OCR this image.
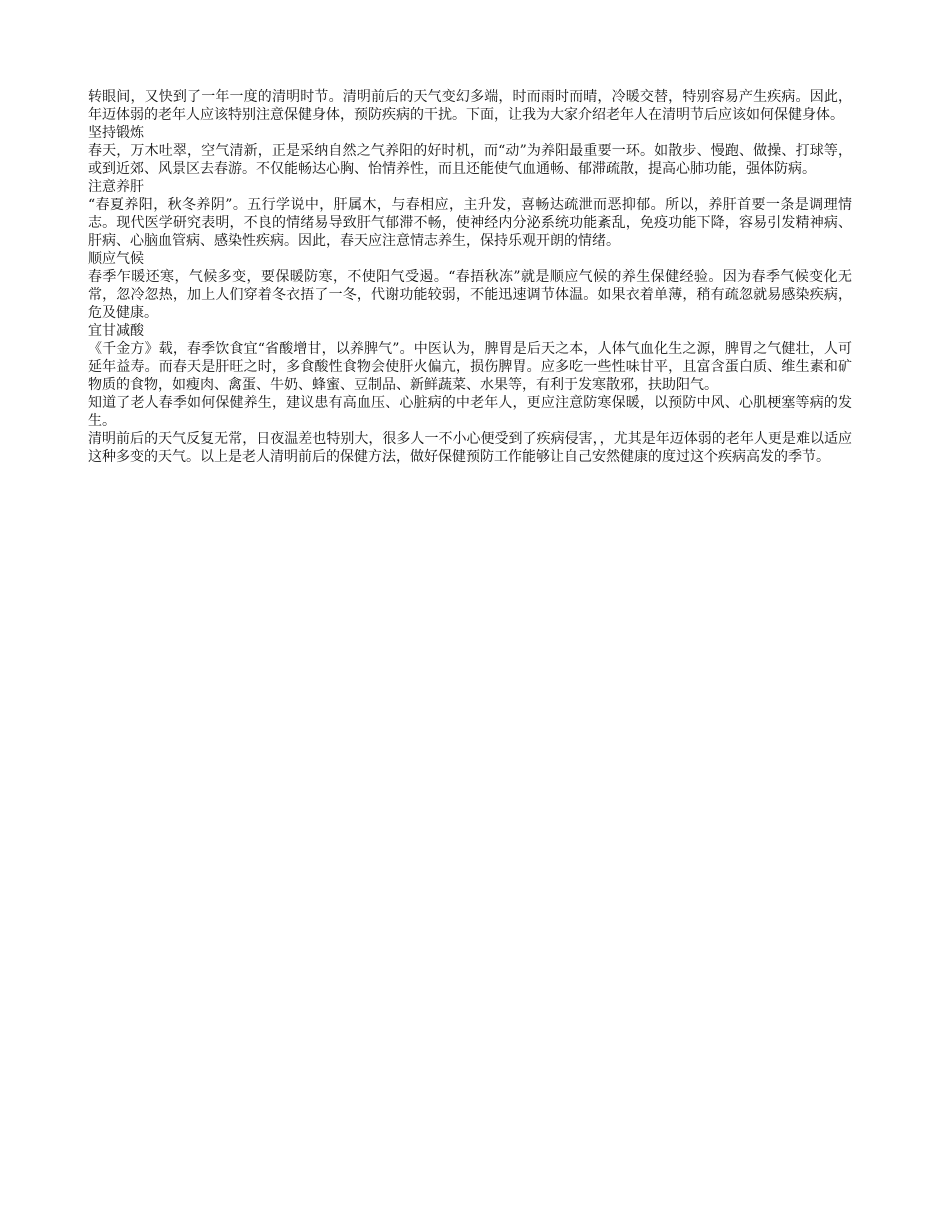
转眼间，又快到了一年一度的清明时节。清明前后的天气变幻多端，时而雨时而晴，冷暖交替，特别容易产生疾病。因此，年迈体弱的老年人应该特别注意保健身体，预防疾病的干扰。下面，让我为大家介绍老年人在清明节后应该如何保健身体。

坚持锻炼

春天，万木吐翠，空气清新，正是采纳自然之气养阳的好时机，而“动”为养阳最重要一环。如散步、慢跑、做操、打球等，或到近郊、风景区去春游。不仅能畅达心胸、怡情养性，而且还能使气血通畅、郁滞疏散，提高心肺功能，强体防病。

注意养肝

“春夏养阳，秋冬养阴”。五行学说中，肝属木，与春相应，主升发，喜畅达疏泄而恶抑郁。所以，养肝首要一条是调理情志。现代医学研究表明，不良的情绪易导致肝气郁滞不畅，使神经内分泌系统功能紊乱，免疫功能下降，容易引发精神病、肝病、心脑血管病、感染性疾病。因此，春天应注意情志养生，保持乐观开朗的情绪。

顺应气候

春季乍暖还寒，气候多变，要保暖防寒，不使阳气受遏。“春捂秋冻”就是顺应气候的养生保健经验。因为春季气候变化无常，忽冷忽热，加上人们穿着冬衣捂了一冬，代谢功能较弱，不能迅速调节体温。如果衣着单薄，稍有疏忽就易感染疾病，危及健康。

宜甘减酸

《千金方》载，春季饮食宜“省酸增甘，以养脾气”。中医认为，脾胃是后天之本，人体气血化生之源，脾胃之气健壮，人可延年益寿。而春天是肝旺之时，多食酸性食物会使肝火偏亢，损伤脾胃。应多吃一些性味甘平，且富含蛋白质、维生素和矿物质的食物，如瘦肉、禽蛋、牛奶、蜂蜜、豆制品、新鲜蔬菜、水果等，有利于发寒散邪，扶助阳气。

知道了老人春季如何保健养生，建议患有高血压、心脏病的中老年人，更应注意防寒保暖，以预防中风、心肌梗塞等病的发生。

清明前后的天气反复无常，日夜温差也特别大，很多人一不小心便受到了疾病侵害，，尤其是年迈体弱的老年人更是难以适应这种多变的天气。以上是老人清明前后的保健方法，做好保健预防工作能够让自己安然健康的度过这个疾病高发的季节。
